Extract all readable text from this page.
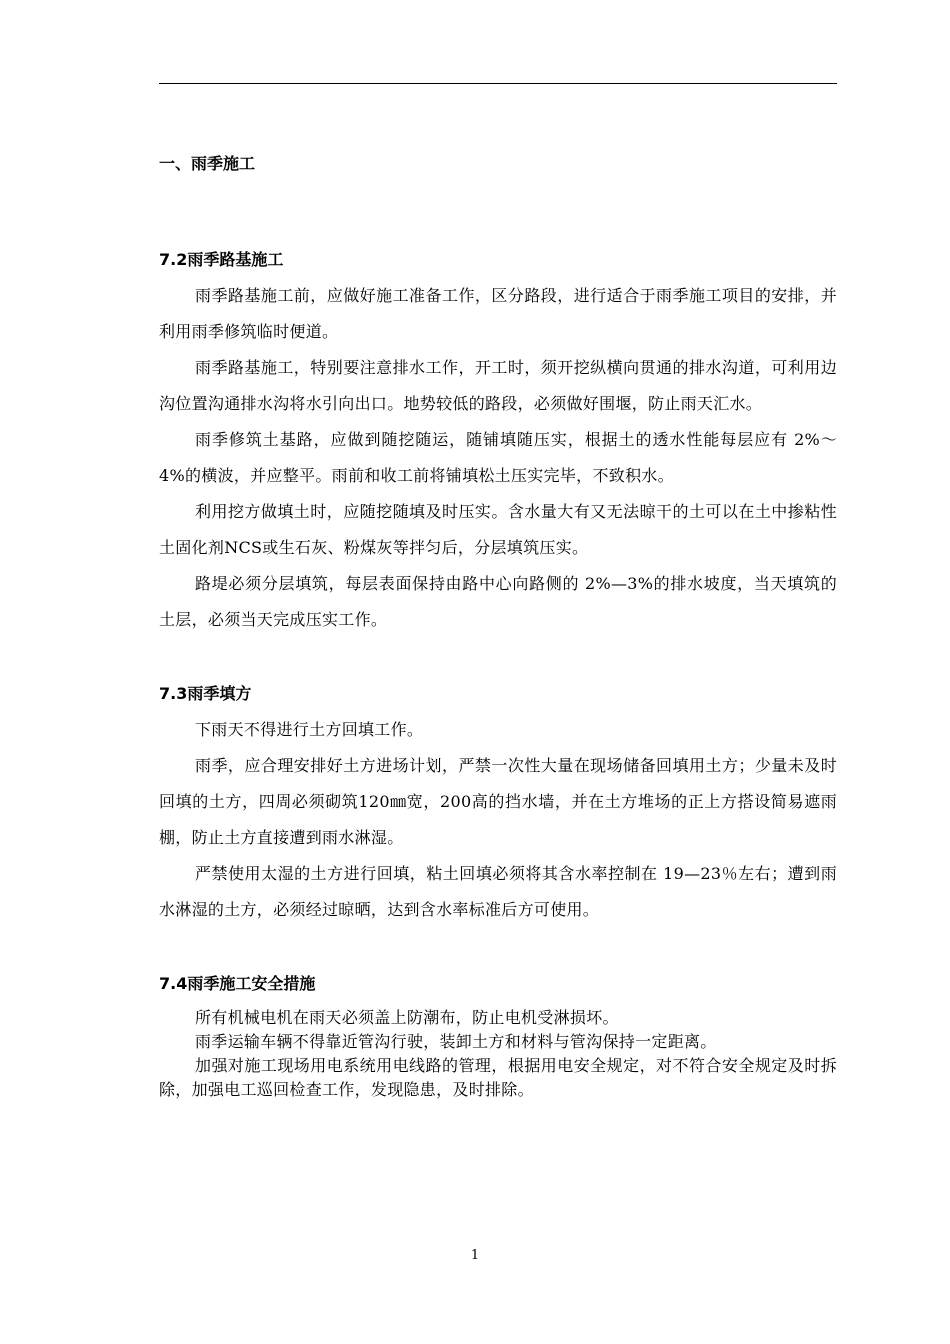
一、雨季施工
7.2雨季路基施工

雨季路基施工前，应做好施工准备工作，区分路段，进行适合于雨季施工项目的安排，并利用雨季修筑临时便道。

雨季路基施工，特别要注意排水工作，开工时，须开挖纵横向贯通的排水沟道，可利用边沟位置沟通排水沟将水引向出口。地势较低的路段，必须做好围堰，防止雨天汇水。

雨季修筑土基路，应做到随挖随运，随铺填随压实，根据土的透水性能每层应有 2%～4%的横波，并应整平。雨前和收工前将铺填松土压实完毕，不致积水。

利用挖方做填土时，应随挖随填及时压实。含水量大有又无法晾干的土可以在土中掺粘性土固化剂NCS或生石灰、粉煤灰等拌匀后，分层填筑压实。

路堤必须分层填筑，每层表面保持由路中心向路侧的 2%—3%的排水坡度，当天填筑的土层，必须当天完成压实工作。

7.3雨季填方

下雨天不得进行土方回填工作。

雨季，应合理安排好土方进场计划，严禁一次性大量在现场储备回填用土方；少量未及时回填的土方，四周必须砌筑120㎜宽，200高的挡水墙，并在土方堆场的正上方搭设简易遮雨棚，防止土方直接遭到雨水淋湿。

严禁使用太湿的土方进行回填，粘土回填必须将其含水率控制在 19—23％左右；遭到雨水淋湿的土方，必须经过晾晒，达到含水率标准后方可使用。

7.4雨季施工安全措施

所有机械电机在雨天必须盖上防潮布，防止电机受淋损坏。

雨季运输车辆不得靠近管沟行驶，装卸土方和材料与管沟保持一定距离。

加强对施工现场用电系统用电线路的管理，根据用电安全规定，对不符合安全规定及时拆除，加强电工巡回检查工作，发现隐患，及时排除。

1
